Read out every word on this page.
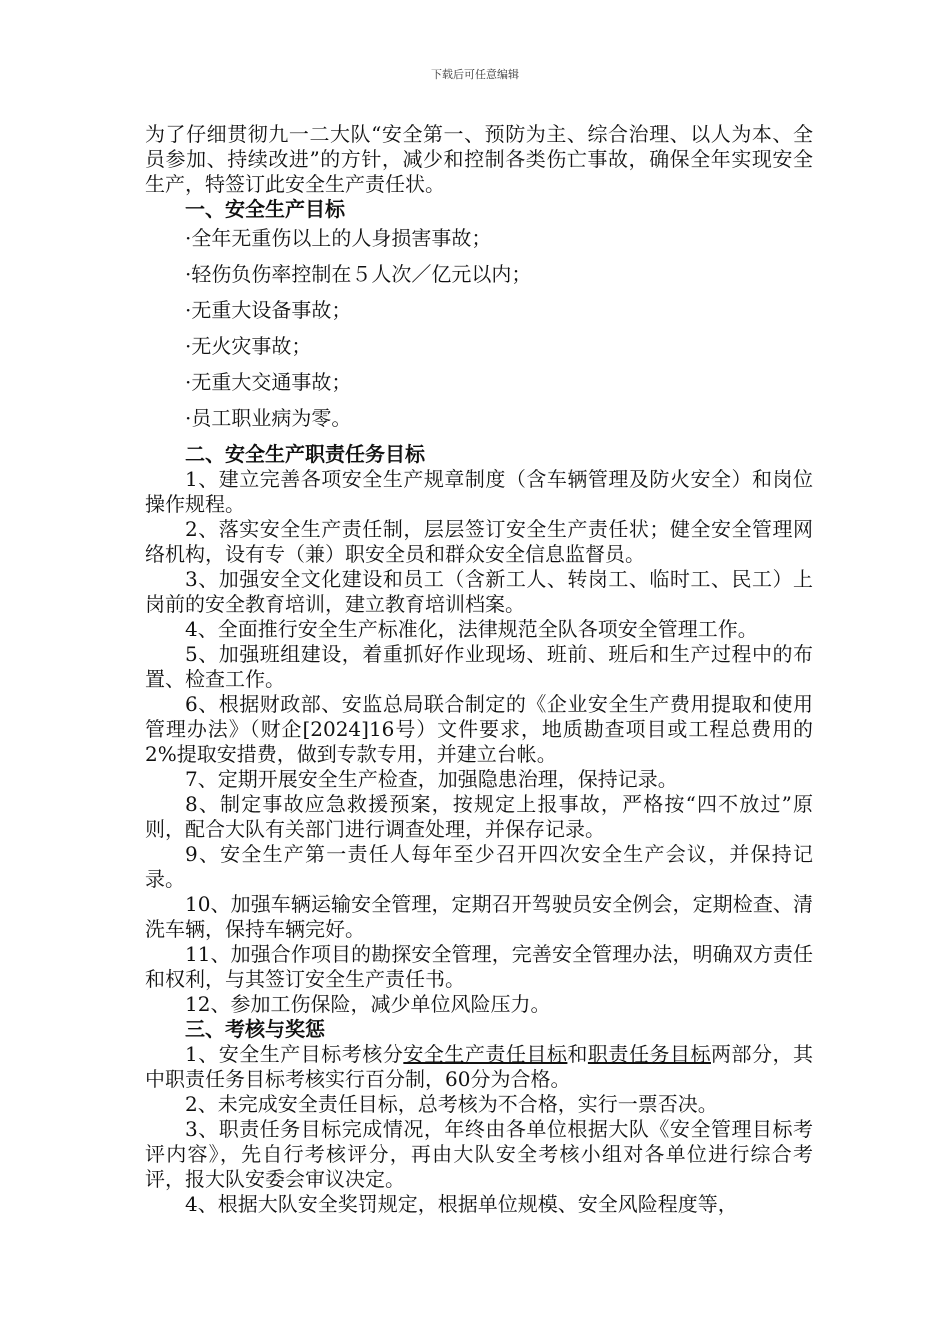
下载后可任意编辑

为了仔细贯彻九一二大队“安全第一、预防为主、综合治理、以人为本、全员参加、持续改进”的方针，减少和控制各类伤亡事故，确保全年实现安全生产，特签订此安全生产责任状。

一、安全生产目标

·全年无重伤以上的人身损害事故；

·轻伤负伤率控制在５人次／亿元以内；

·无重大设备事故；

·无火灾事故；

·无重大交通事故；

·员工职业病为零。

二、安全生产职责任务目标

1、建立完善各项安全生产规章制度（含车辆管理及防火安全）和岗位操作规程。

2、落实安全生产责任制，层层签订安全生产责任状；健全安全管理网络机构，设有专（兼）职安全员和群众安全信息监督员。

3、加强安全文化建设和员工（含新工人、转岗工、临时工、民工）上岗前的安全教育培训，建立教育培训档案。

4、全面推行安全生产标准化，法律规范全队各项安全管理工作。

5、加强班组建设，着重抓好作业现场、班前、班后和生产过程中的布置、检查工作。

6、根据财政部、安监总局联合制定的《企业安全生产费用提取和使用管理办法》（财企[2024]16号）文件要求，地质勘查项目或工程总费用的2%提取安措费，做到专款专用，并建立台帐。

7、定期开展安全生产检查，加强隐患治理，保持记录。

8、制定事故应急救援预案，按规定上报事故，严格按“四不放过”原则，配合大队有关部门进行调查处理，并保存记录。

9、安全生产第一责任人每年至少召开四次安全生产会议，并保持记录。

10、加强车辆运输安全管理，定期召开驾驶员安全例会，定期检查、清洗车辆，保持车辆完好。

11、加强合作项目的勘探安全管理，完善安全管理办法，明确双方责任和权利，与其签订安全生产责任书。

12、参加工伤保险，减少单位风险压力。

三、考核与奖惩

1、安全生产目标考核分安全生产责任目标和职责任务目标两部分，其中职责任务目标考核实行百分制，60分为合格。

2、未完成安全责任目标，总考核为不合格，实行一票否决。

3、职责任务目标完成情况，年终由各单位根据大队《安全管理目标考评内容》，先自行考核评分，再由大队安全考核小组对各单位进行综合考评，报大队安委会审议决定。

4、根据大队安全奖罚规定，根据单位规模、安全风险程度等，
